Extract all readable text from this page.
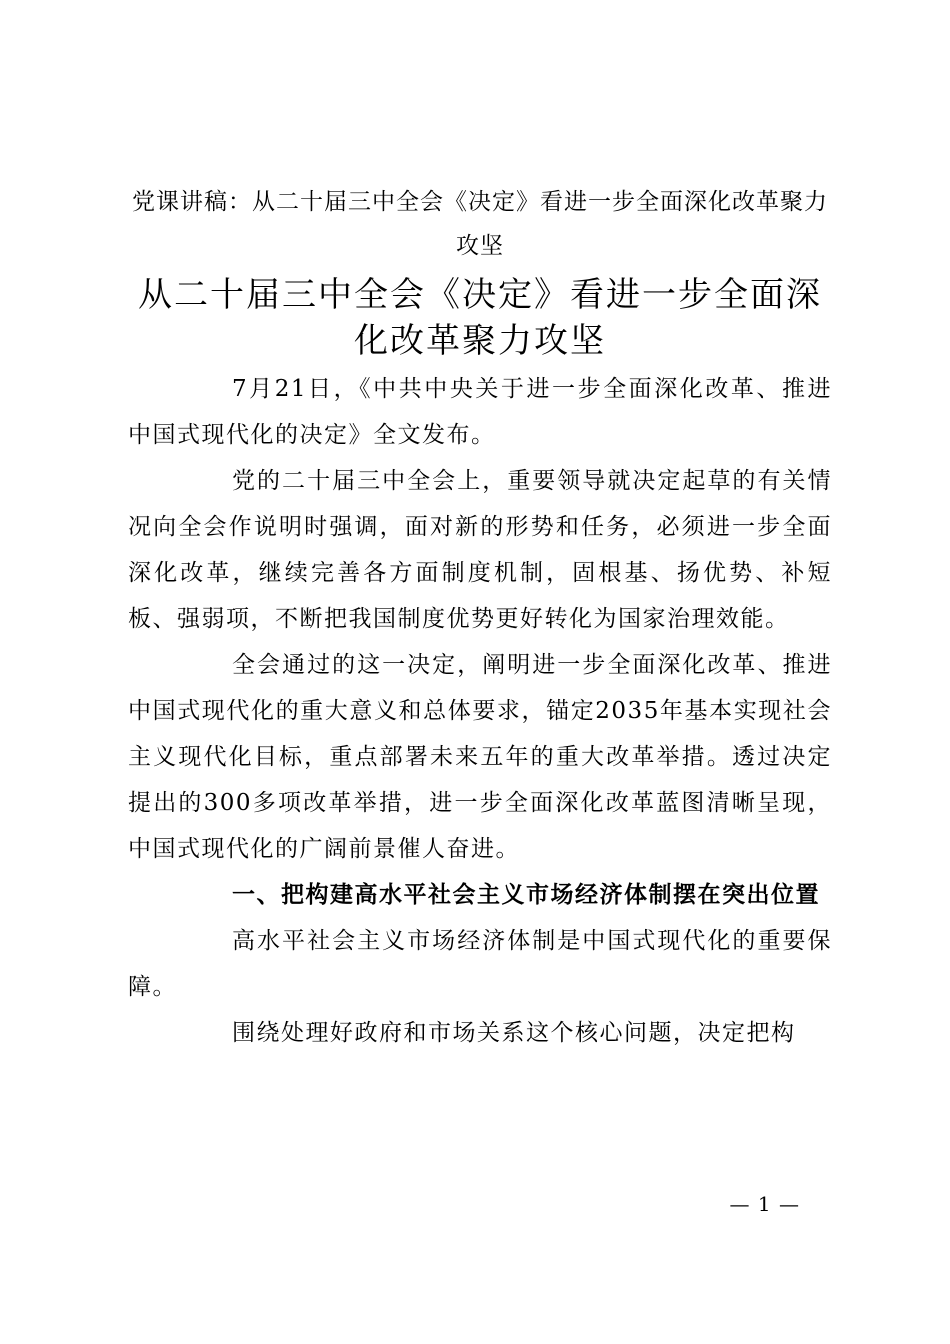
党课讲稿：从二十届三中全会《决定》看进一步全面深化改革聚力攻坚

从二十届三中全会《决定》看进一步全面深化改革聚力攻坚

7月21日，《中共中央关于进一步全面深化改革、推进中国式现代化的决定》全文发布。

党的二十届三中全会上，重要领导就决定起草的有关情况向全会作说明时强调，面对新的形势和任务，必须进一步全面深化改革，继续完善各方面制度机制，固根基、扬优势、补短板、强弱项，不断把我国制度优势更好转化为国家治理效能。

全会通过的这一决定，阐明进一步全面深化改革、推进中国式现代化的重大意义和总体要求，锚定2035年基本实现社会主义现代化目标，重点部署未来五年的重大改革举措。透过决定提出的300多项改革举措，进一步全面深化改革蓝图清晰呈现，中国式现代化的广阔前景催人奋进。

一、把构建高水平社会主义市场经济体制摆在突出位置

高水平社会主义市场经济体制是中国式现代化的重要保障。

围绕处理好政府和市场关系这个核心问题，决定把构

— 1 —
